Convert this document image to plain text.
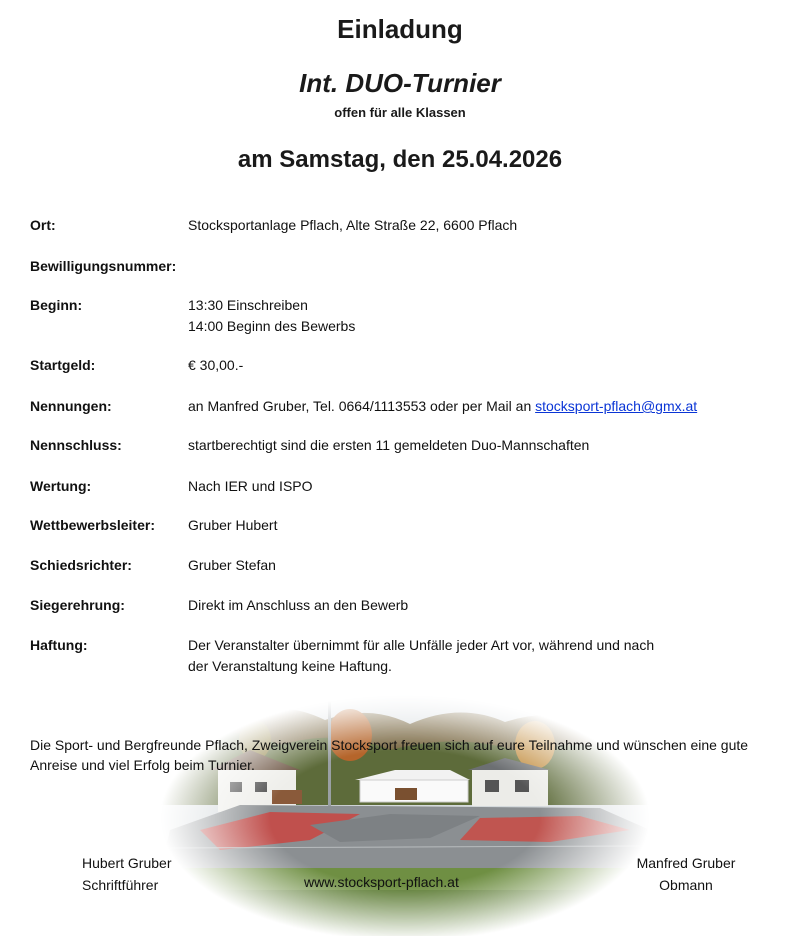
Einladung
Int. DUO-Turnier
offen für alle Klassen
am Samstag, den 25.04.2026
Ort:	Stocksportanlage Pflach, Alte Straße 22, 6600 Pflach
Bewilligungsnummer:
Beginn:	13:30 Einschreiben
14:00 Beginn des Bewerbs
Startgeld:	€ 30,00.-
Nennungen:	an Manfred Gruber, Tel. 0664/1113553 oder per Mail an stocksport-pflach@gmx.at
Nennschluss:	startberechtigt sind die ersten 11 gemeldeten Duo-Mannschaften
Wertung:	Nach IER und ISPO
Wettbewerbsleiter: Gruber Hubert
Schiedsrichter:	Gruber Stefan
Siegerehrung:	Direkt im Anschluss an den Bewerb
Haftung:	Der Veranstalter übernimmt für alle Unfälle jeder Art vor, während und nach
der Veranstaltung keine Haftung.
Die Sport- und Bergfreunde Pflach, Zweigverein Stocksport freuen sich auf eure Teilnahme und wünschen eine gute Anreise und viel Erfolg beim Turnier.
Hubert Gruber
Schriftführer	www.stocksport-pflach.at
Manfred Gruber
Obmann
